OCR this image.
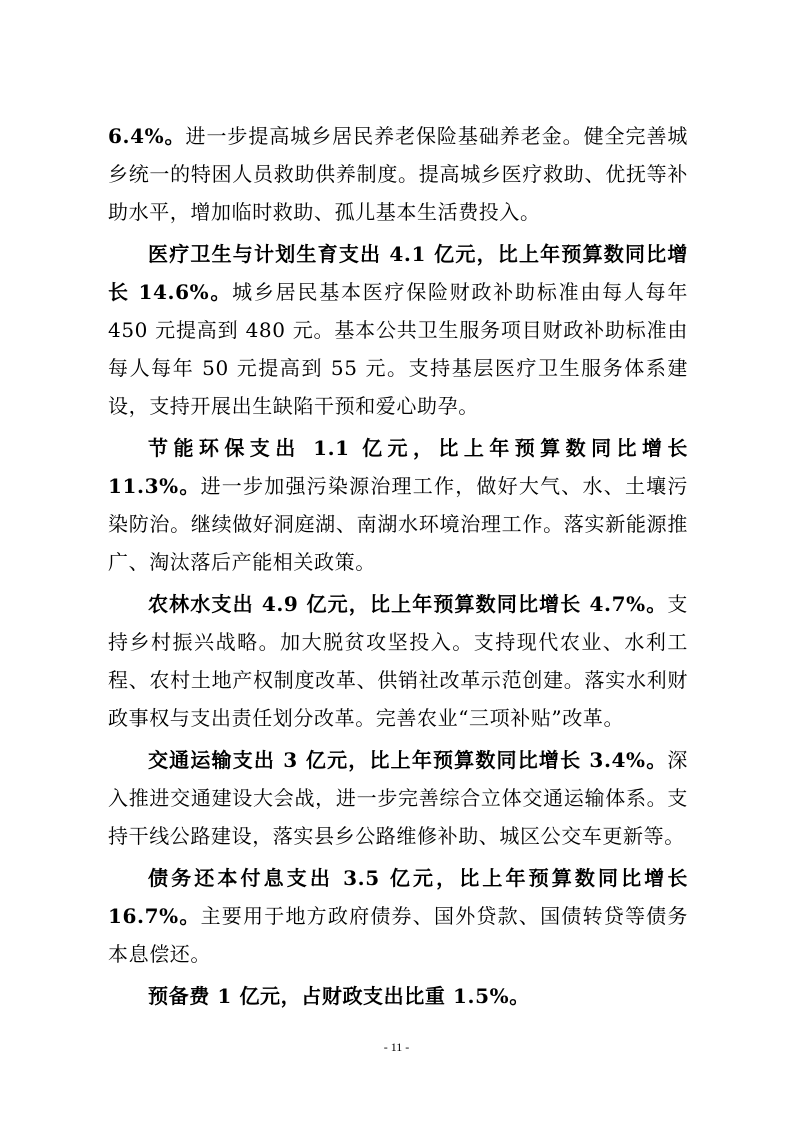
6.4%。进一步提高城乡居民养老保险基础养老金。健全完善城乡统一的特困人员救助供养制度。提高城乡医疗救助、优抚等补助水平，增加临时救助、孤儿基本生活费投入。

医疗卫生与计划生育支出 4.1 亿元，比上年预算数同比增长 14.6%。城乡居民基本医疗保险财政补助标准由每人每年 450 元提高到 480 元。基本公共卫生服务项目财政补助标准由每人每年 50 元提高到 55 元。支持基层医疗卫生服务体系建设，支持开展出生缺陷干预和爱心助孕。

节能环保支出 1.1 亿元，比上年预算数同比增长 11.3%。进一步加强污染源治理工作，做好大气、水、土壤污染防治。继续做好洞庭湖、南湖水环境治理工作。落实新能源推广、淘汰落后产能相关政策。

农林水支出 4.9 亿元，比上年预算数同比增长 4.7%。支持乡村振兴战略。加大脱贫攻坚投入。支持现代农业、水利工程、农村土地产权制度改革、供销社改革示范创建。落实水利财政事权与支出责任划分改革。完善农业“三项补贴”改革。

交通运输支出 3 亿元，比上年预算数同比增长 3.4%。深入推进交通建设大会战，进一步完善综合立体交通运输体系。支持干线公路建设，落实县乡公路维修补助、城区公交车更新等。

债务还本付息支出 3.5 亿元，比上年预算数同比增长 16.7%。主要用于地方政府债券、国外贷款、国债转贷等债务本息偿还。

预备费 1 亿元，占财政支出比重 1.5%。

- 11 -
